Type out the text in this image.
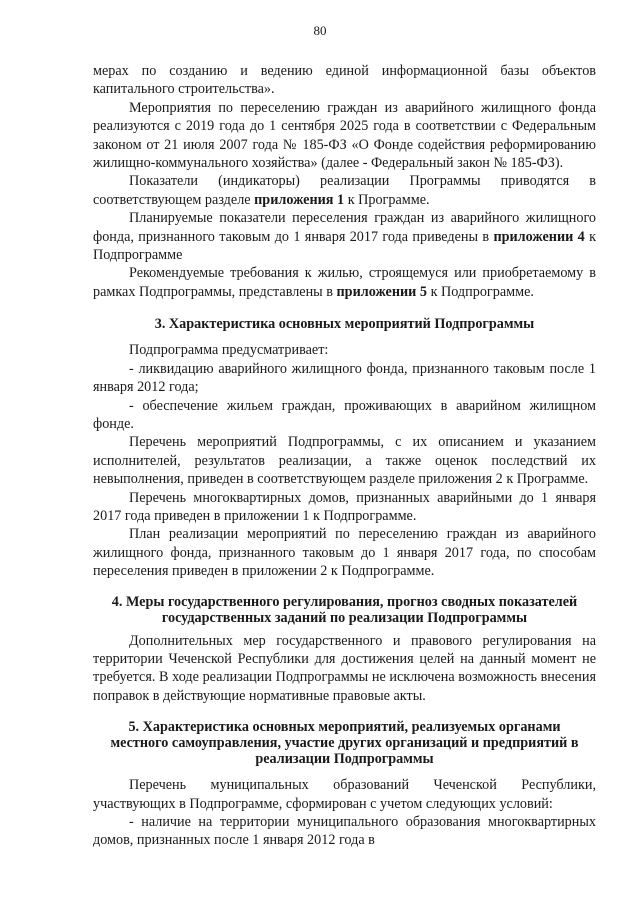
80

мерах по созданию и ведению единой информационной базы объектов капитального строительства».

Мероприятия по переселению граждан из аварийного жилищного фонда реализуются с 2019 года до 1 сентября 2025 года в соответствии с Федеральным законом от 21 июля 2007 года № 185-ФЗ «О Фонде содействия реформированию жилищно-коммунального хозяйства» (далее - Федеральный закон № 185-ФЗ).

Показатели (индикаторы) реализации Программы приводятся в соответствующем разделе приложения 1 к Программе.

Планируемые показатели переселения граждан из аварийного жилищного фонда, признанного таковым до 1 января 2017 года приведены в приложении 4 к Подпрограмме

Рекомендуемые требования к жилью, строящемуся или приобретаемому в рамках Подпрограммы, представлены в приложении 5 к Подпрограмме.

3. Характеристика основных мероприятий Подпрограммы

Подпрограмма предусматривает:

- ликвидацию аварийного жилищного фонда, признанного таковым после 1 января 2012 года;

- обеспечение жильем граждан, проживающих в аварийном жилищном фонде.

Перечень мероприятий Подпрограммы, с их описанием и указанием исполнителей, результатов реализации, а также оценок последствий их невыполнения, приведен в соответствующем разделе приложения 2 к Программе.

Перечень многоквартирных домов, признанных аварийными до 1 января 2017 года приведен в приложении 1 к Подпрограмме.

План реализации мероприятий по переселению граждан из аварийного жилищного фонда, признанного таковым до 1 января 2017 года, по способам переселения приведен в приложении 2 к Подпрограмме.

4. Меры государственного регулирования, прогноз сводных показателей
государственных заданий по реализации Подпрограммы

Дополнительных мер государственного и правового регулирования на территории Чеченской Республики для достижения целей на данный момент не требуется. В ходе реализации Подпрограммы не исключена возможность внесения поправок в действующие нормативные правовые акты.

5. Характеристика основных мероприятий, реализуемых органами
местного самоуправления, участие других организаций и предприятий в
реализации Подпрограммы

Перечень муниципальных образований Чеченской Республики, участвующих в Подпрограмме, сформирован с учетом следующих условий:

- наличие на территории муниципального образования многоквартирных домов, признанных после 1 января 2012 года в
